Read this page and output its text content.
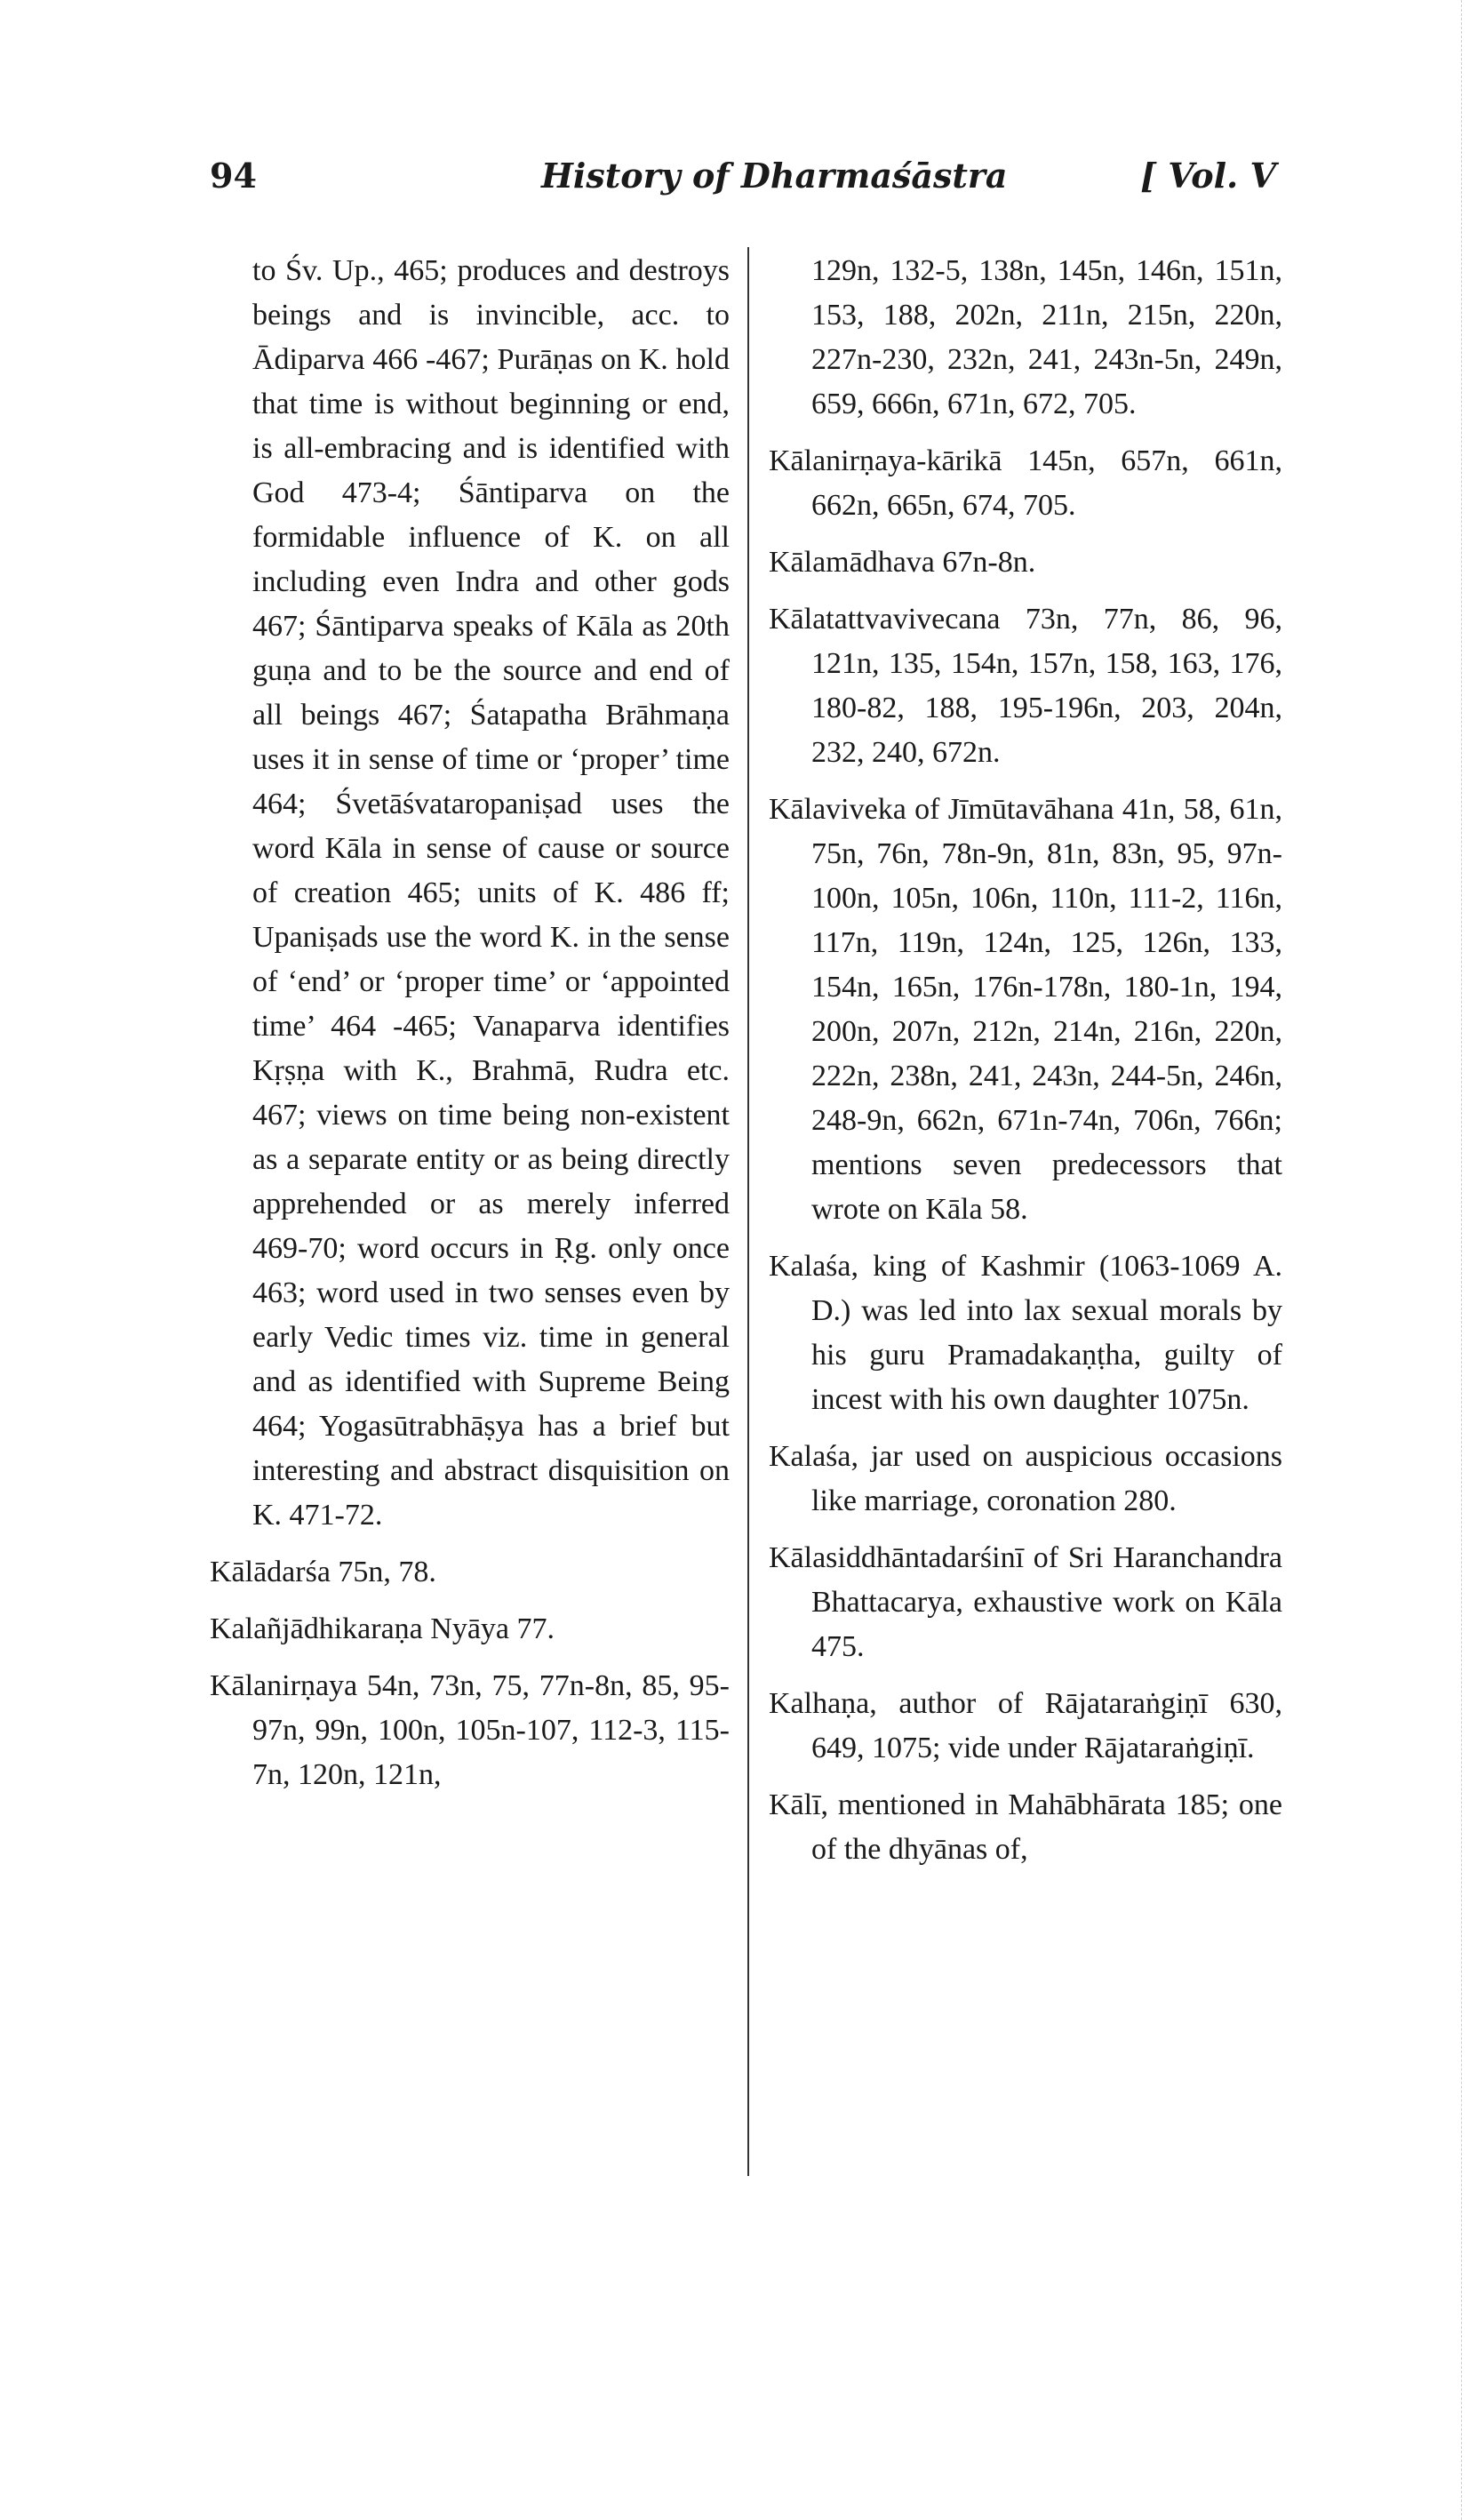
94	History of Dharmaśāstra	[ Vol. V

to Śv. Up., 465; produces and destroys beings and is invincible, acc. to Ādiparva 466 -467; Purāṇas on K. hold that time is without beginning or end, is all-embracing and is identified with God 473-4; Śāntiparva on the formidable influence of K. on all including even Indra and other gods 467; Śāntiparva speaks of Kāla as 20th guṇa and to be the source and end of all beings 467; Śatapatha Brāhmaṇa uses it in sense of time or ‘proper’ time 464; Śvetāśvataropaniṣad uses the word Kāla in sense of cause or source of creation 465; units of K. 486 ff; Upaniṣads use the word K. in the sense of ‘end’ or ‘proper time’ or ‘appointed time’ 464 -465; Vanaparva identifies Kṛṣṇa with K., Brahmā, Rudra etc. 467; views on time being non-existent as a separate entity or as being directly apprehended or as merely inferred 469-70; word occurs in Ṛg. only once 463; word used in two senses even by early Vedic times viz. time in general and as identified with Supreme Being 464; Yogasūtrabhāṣya has a brief but interesting and abstract disquisition on K. 471-72.

Kālādarśa 75n, 78.

Kalañjādhikaraṇa Nyāya 77.

Kālanirṇaya 54n, 73n, 75, 77n-8n, 85, 95-97n, 99n, 100n, 105n-107, 112-3, 115-7n, 120n, 121n,

129n, 132-5, 138n, 145n, 146n, 151n, 153, 188, 202n, 211n, 215n, 220n, 227n-230, 232n, 241, 243n-5n, 249n, 659, 666n, 671n, 672, 705.

Kālanirṇaya-kārikā 145n, 657n, 661n, 662n, 665n, 674, 705.

Kālamādhava 67n-8n.

Kālatattvavivecana 73n, 77n, 86, 96, 121n, 135, 154n, 157n, 158, 163, 176, 180-82, 188, 195-196n, 203, 204n, 232, 240, 672n.

Kālaviveka of Jīmūtavāhana 41n, 58, 61n, 75n, 76n, 78n-9n, 81n, 83n, 95, 97n-100n, 105n, 106n, 110n, 111-2, 116n, 117n, 119n, 124n, 125, 126n, 133, 154n, 165n, 176n-178n, 180-1n, 194, 200n, 207n, 212n, 214n, 216n, 220n, 222n, 238n, 241, 243n, 244-5n, 246n, 248-9n, 662n, 671n-74n, 706n, 766n; mentions seven predecessors that wrote on Kāla 58.

Kalaśa, king of Kashmir (1063-1069 A. D.) was led into lax sexual morals by his guru Pramadakaṇṭha, guilty of incest with his own daughter 1075n.

Kalaśa, jar used on auspicious occasions like marriage, coronation 280.

Kālasiddhāntadarśinī of Sri Haranchandra Bhattacarya, exhaustive work on Kāla 475.

Kalhaṇa, author of Rājataraṅgiṇī 630, 649, 1075; vide under Rājataraṅgiṇī.

Kālī, mentioned in Mahābhārata 185; one of the dhyānas of,
